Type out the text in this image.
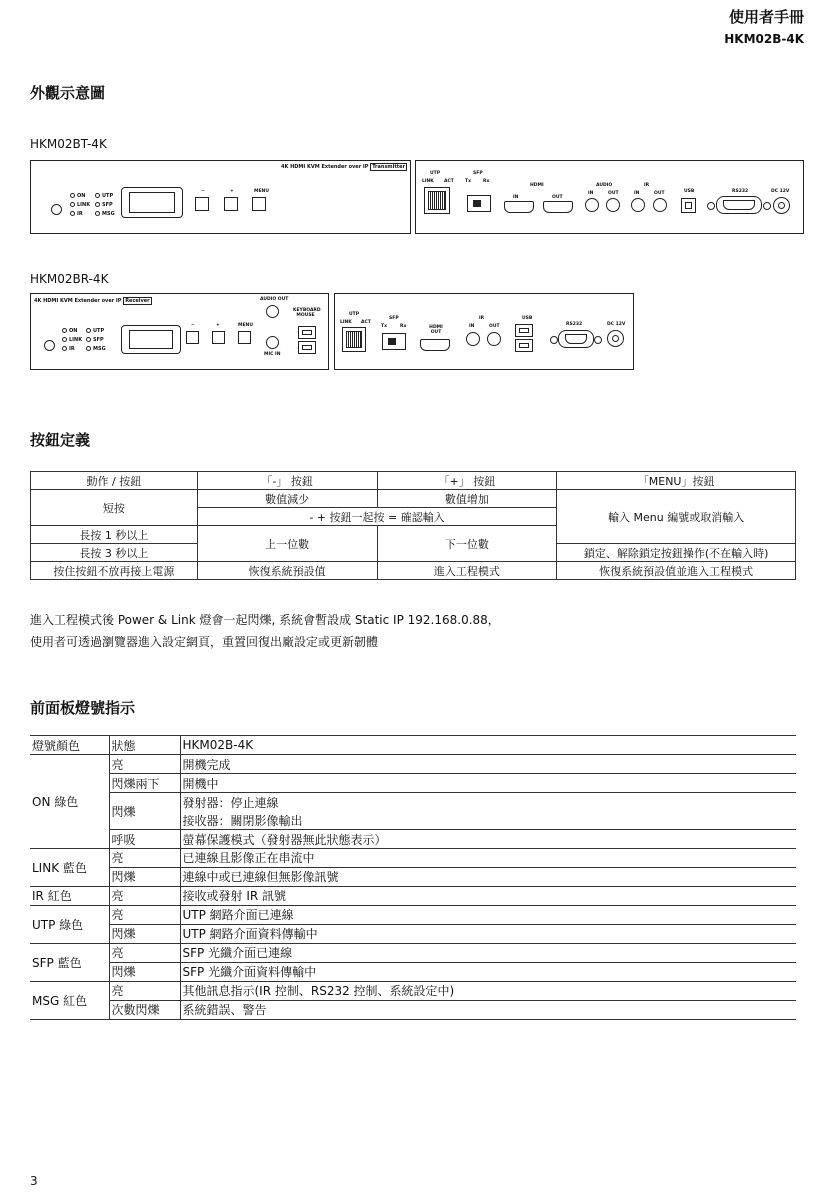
使用者手冊
HKM02B-4K
外觀示意圖
HKM02BT-4K
4K HDMI KVM Extender over IP Transmitter
ON	UTP
LINK	SFP
IR	MSG
−	+	MENU
UTP
LINK ACT
SFP
Tx	Rx
HDMI
IN	OUT
AUDIO
IN	OUT
IR
IN	OUT	USB	RS232	DC 12V
HKM02BR-4K
4K HDMI KVM Extender over IP Receiver	AUDIO OUT
KEYBOARD MOUSE
MIC IN
ON	UTP
LINK	SFP
IR	MSG
−	+	MENU
UTP
LINK ACT
SFP
Tx	Rx	HDMI OUT
IR
IN	OUT
USB
RS232	DC 12V
按鈕定義
動作 / 按鈕	「-」 按鈕	「+」 按鈕	「MENU」按鈕
短按	數值減少	數值增加	輸入 Menu 編號或取消輸入
	- + 按鈕一起按 = 確認輸入		
長按 1 秒以上	上一位數	下一位數	
長按 3 秒以上			鎖定、解除鎖定按鈕操作(不在輸入時)
按住按鈕不放再接上電源	恢復系統預設值	進入工程模式	恢復系統預設值並進入工程模式
進入工程模式後 Power & Link 燈會一起閃爍, 系統會暫設成 Static IP 192.168.0.88，
使用者可透過瀏覽器進入設定網頁，重置回復出廠設定或更新韌體
前面板燈號指示
燈號顏色	狀態	HKM02B-4K
ON 綠色	亮	開機完成
	閃爍兩下	開機中
	閃爍	發射器：停止連線
		接收器：關閉影像輸出
	呼吸	螢幕保護模式（發射器無此狀態表示）

LINK 藍色	亮	已連線且影像正在串流中
	閃爍	連線中或已連線但無影像訊號
IR 紅色	亮	接收或發射 IR 訊號
UTP 綠色	亮	UTP 網路介面已連線
	閃爍	UTP 網路介面資料傳輸中
SFP 藍色	亮	SFP 光纖介面已連線
	閃爍	SFP 光纖介面資料傳輸中
MSG 紅色	亮	其他訊息指示(IR 控制、RS232 控制、系統設定中)
	次數閃爍	系統錯誤、警告
3
